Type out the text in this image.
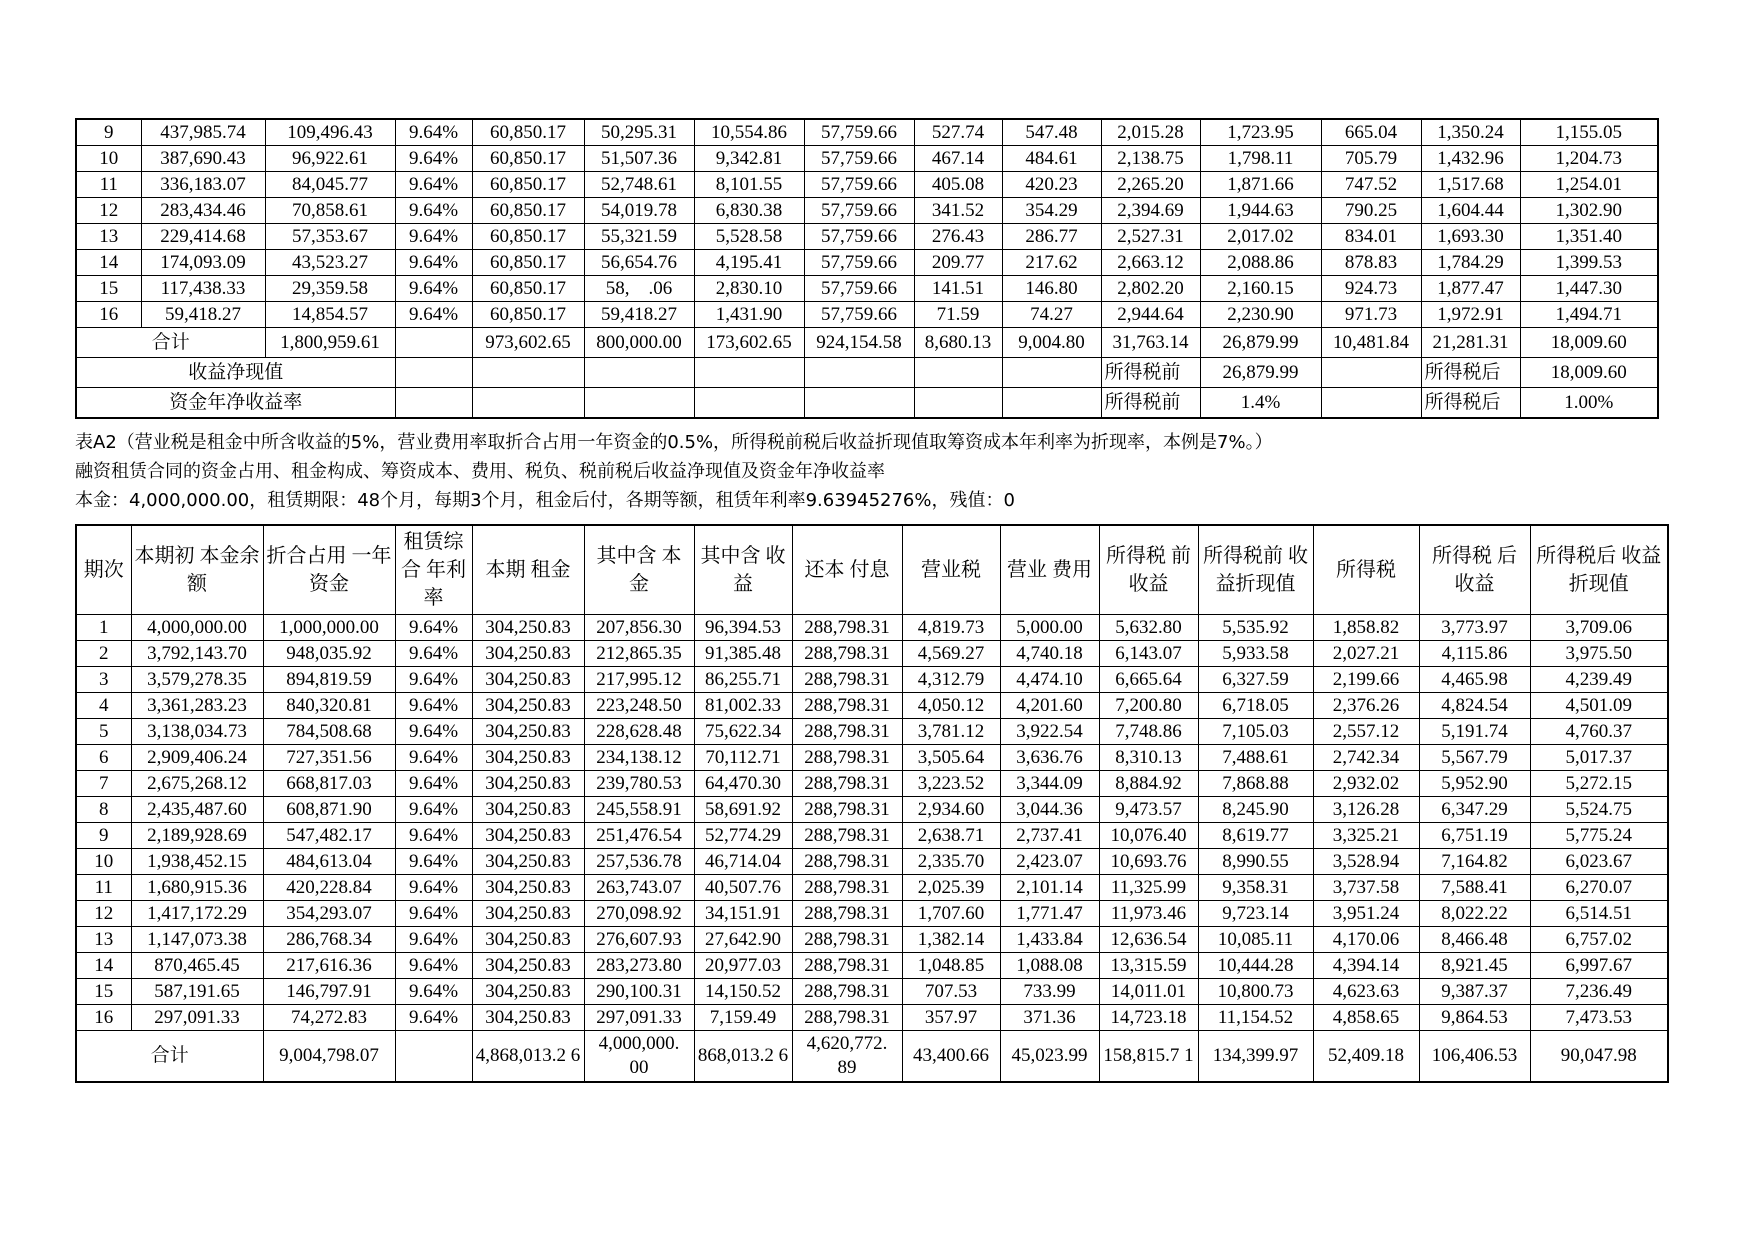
9	437,985.74	109,496.43	9.64%	60,850.17	50,295.31	10,554.86	57,759.66	527.74	547.48	2,015.28	1,723.95	665.04	1,350.24	1,155.05
10	387,690.43	96,922.61	9.64%	60,850.17	51,507.36	9,342.81	57,759.66	467.14	484.61	2,138.75	1,798.11	705.79	1,432.96	1,204.73
11	336,183.07	84,045.77	9.64%	60,850.17	52,748.61	8,101.55	57,759.66	405.08	420.23	2,265.20	1,871.66	747.52	1,517.68	1,254.01
12	283,434.46	70,858.61	9.64%	60,850.17	54,019.78	6,830.38	57,759.66	341.52	354.29	2,394.69	1,944.63	790.25	1,604.44	1,302.90
13	229,414.68	57,353.67	9.64%	60,850.17	55,321.59	5,528.58	57,759.66	276.43	286.77	2,527.31	2,017.02	834.01	1,693.30	1,351.40
14	174,093.09	43,523.27	9.64%	60,850.17	56,654.76	4,195.41	57,759.66	209.77	217.62	2,663.12	2,088.86	878.83	1,784.29	1,399.53
15	117,438.33	29,359.58	9.64%	60,850.17	58,　.06	2,830.10	57,759.66	141.51	146.80	2,802.20	2,160.15	924.73	1,877.47	1,447.30
16	59,418.27	14,854.57	9.64%	60,850.17	59,418.27	1,431.90	57,759.66	71.59	74.27	2,944.64	2,230.90	971.73	1,972.91	1,494.71
合计		1,800,959.61		973,602.65	800,000.00	173,602.65	924,154.58	8,680.13	9,004.80	31,763.14	26,879.99	10,481.84	21,281.31	18,009.60
收益净现值										所得税前	26,879.99		所得税后	18,009.60
资金年净收益率										所得税前	1.4%		所得税后	1.00%
表A2（营业税是租金中所含收益的5%，营业费用率取折合占用一年资金的0.5%，所得税前税后收益折现值取筹资成本年利率为折现率，本例是7%。）
融资租赁合同的资金占用、租金构成、筹资成本、费用、税负、税前税后收益净现值及资金年净收益率
本金：4,000,000.00，租赁期限：48个月，每期3个月，租金后付，各期等额，租赁年利率9.63945276%，残值：0
期次	本期初 本金余额	折合占用 一年资金	租赁综 合 年利率	本期 租金	其中含 本金	其中含 收益	还本 付息	营业税	营业 费用	所得税 前收益	所得税前 收益折现值	所得税	所得税 后收益	所得税后 收益折现值
1	4,000,000.00	1,000,000.00	9.64%	304,250.83	207,856.30	96,394.53	288,798.31	4,819.73	5,000.00	5,632.80	5,535.92	1,858.82	3,773.97	3,709.06
2	3,792,143.70	948,035.92	9.64%	304,250.83	212,865.35	91,385.48	288,798.31	4,569.27	4,740.18	6,143.07	5,933.58	2,027.21	4,115.86	3,975.50
3	3,579,278.35	894,819.59	9.64%	304,250.83	217,995.12	86,255.71	288,798.31	4,312.79	4,474.10	6,665.64	6,327.59	2,199.66	4,465.98	4,239.49
4	3,361,283.23	840,320.81	9.64%	304,250.83	223,248.50	81,002.33	288,798.31	4,050.12	4,201.60	7,200.80	6,718.05	2,376.26	4,824.54	4,501.09
5	3,138,034.73	784,508.68	9.64%	304,250.83	228,628.48	75,622.34	288,798.31	3,781.12	3,922.54	7,748.86	7,105.03	2,557.12	5,191.74	4,760.37
6	2,909,406.24	727,351.56	9.64%	304,250.83	234,138.12	70,112.71	288,798.31	3,505.64	3,636.76	8,310.13	7,488.61	2,742.34	5,567.79	5,017.37
7	2,675,268.12	668,817.03	9.64%	304,250.83	239,780.53	64,470.30	288,798.31	3,223.52	3,344.09	8,884.92	7,868.88	2,932.02	5,952.90	5,272.15
8	2,435,487.60	608,871.90	9.64%	304,250.83	245,558.91	58,691.92	288,798.31	2,934.60	3,044.36	9,473.57	8,245.90	3,126.28	6,347.29	5,524.75
9	2,189,928.69	547,482.17	9.64%	304,250.83	251,476.54	52,774.29	288,798.31	2,638.71	2,737.41	10,076.40	8,619.77	3,325.21	6,751.19	5,775.24
10	1,938,452.15	484,613.04	9.64%	304,250.83	257,536.78	46,714.04	288,798.31	2,335.70	2,423.07	10,693.76	8,990.55	3,528.94	7,164.82	6,023.67
11	1,680,915.36	420,228.84	9.64%	304,250.83	263,743.07	40,507.76	288,798.31	2,025.39	2,101.14	11,325.99	9,358.31	3,737.58	7,588.41	6,270.07
12	1,417,172.29	354,293.07	9.64%	304,250.83	270,098.92	34,151.91	288,798.31	1,707.60	1,771.47	11,973.46	9,723.14	3,951.24	8,022.22	6,514.51
13	1,147,073.38	286,768.34	9.64%	304,250.83	276,607.93	27,642.90	288,798.31	1,382.14	1,433.84	12,636.54	10,085.11	4,170.06	8,466.48	6,757.02
14	870,465.45	217,616.36	9.64%	304,250.83	283,273.80	20,977.03	288,798.31	1,048.85	1,088.08	13,315.59	10,444.28	4,394.14	8,921.45	6,997.67
15	587,191.65	146,797.91	9.64%	304,250.83	290,100.31	14,150.52	288,798.31	707.53	733.99	14,011.01	10,800.73	4,623.63	9,387.37	7,236.49
16	297,091.33	74,272.83	9.64%	304,250.83	297,091.33	7,159.49	288,798.31	357.97	371.36	14,723.18	11,154.52	4,858.65	9,864.53	7,473.53
合计		9,004,798.07		4,868,013.2 6	4,000,000. 00	868,013.2 6	4,620,772. 89	43,400.66	45,023.99	158,815.7 1	134,399.97	52,409.18	106,406.53	90,047.98
